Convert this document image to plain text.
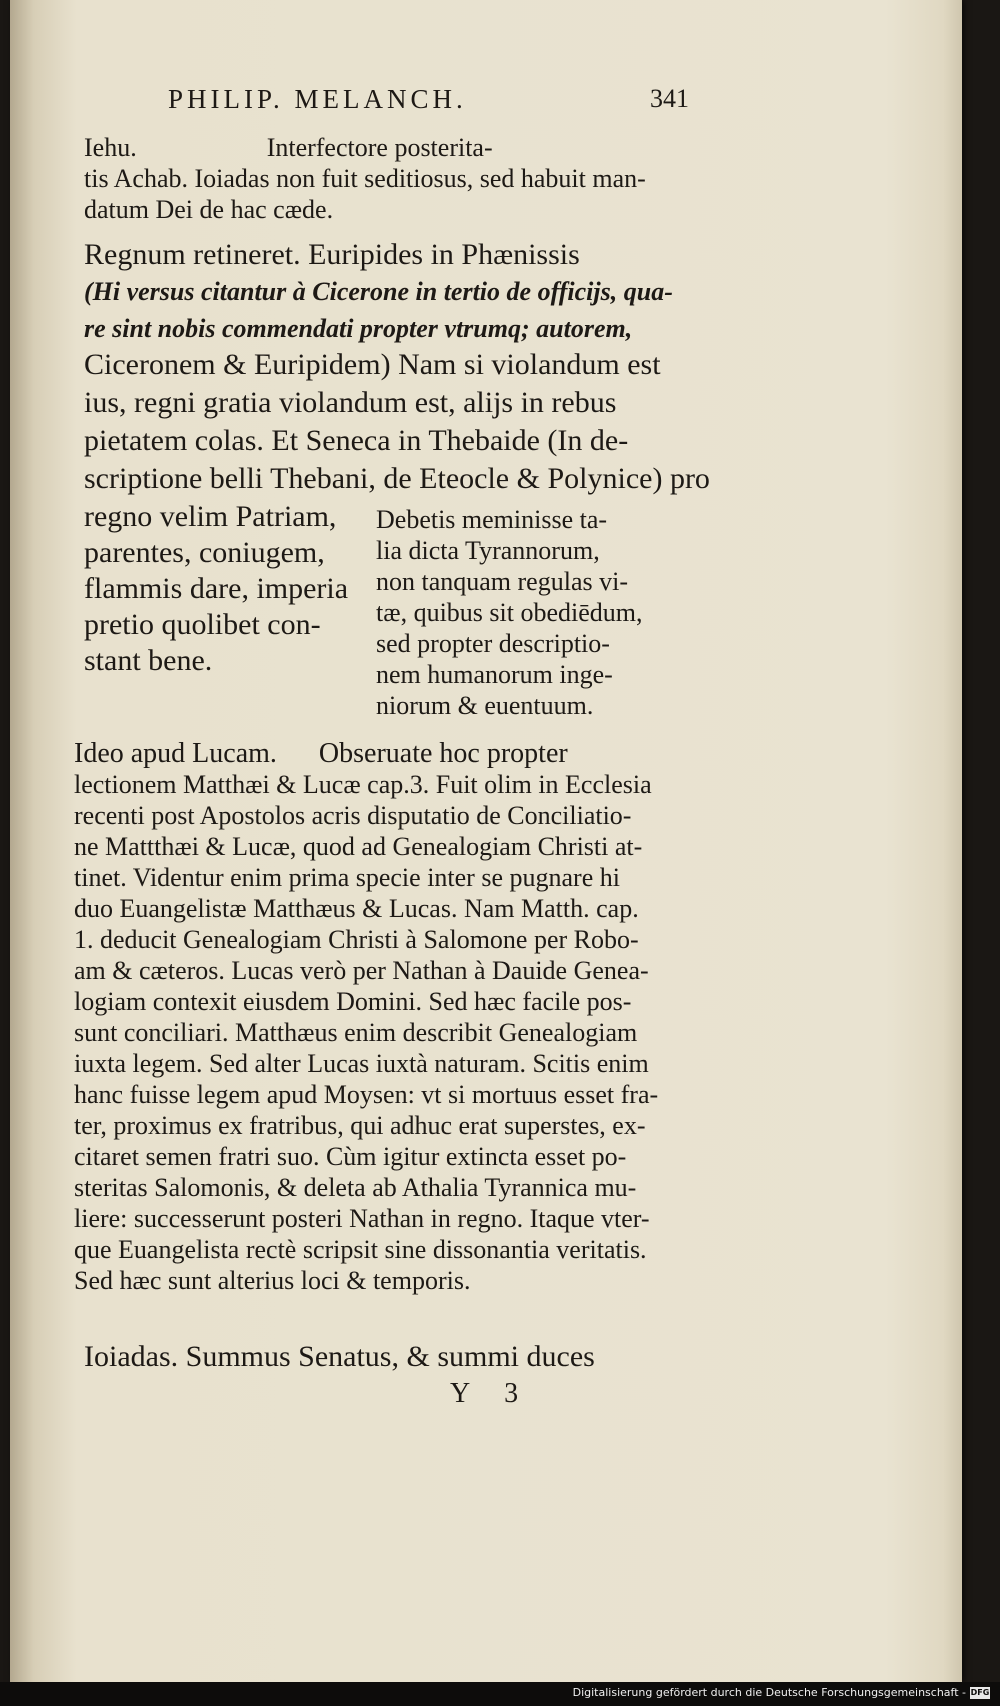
PHILIP. MELANCH.	341
Iehu.                    Interfectore posterita-
tis Achab. Ioiadas non fuit seditiosus, sed habuit man-
datum Dei de hac cæde.
Regnum retineret. Euripides in Phænissis
(Hi versus citantur à Cicerone in tertio de officijs, qua-
re sint nobis commendati propter vtrumq; autorem,
Ciceronem & Euripidem) Nam si violandum est
ius, regni gratia violandum est, alijs in rebus
pietatem colas. Et Seneca in Thebaide (In de-
scriptione belli Thebani, de Eteocle & Polynice) pro
regno velim Patriam,
parentes, coniugem,
flammis dare, imperia
pretio quolibet con-
stant bene.
Debetis meminisse ta-
lia dicta Tyrannorum,
non tanquam regulas vi-
tæ, quibus sit obediēdum,
sed propter descriptio-
nem humanorum inge-
niorum & euentuum.
Ideo apud Lucam.      Obseruate hoc propter
lectionem Matthæi & Lucæ cap.3. Fuit olim in Ecclesia
recenti post Apostolos acris disputatio de Conciliatio-
ne Mattthæi & Lucæ, quod ad Genealogiam Christi at-
tinet. Videntur enim prima specie inter se pugnare hi
duo Euangelistæ Matthæus & Lucas. Nam Matth. cap.
1. deducit Genealogiam Christi à Salomone per Robo-
am & cæteros. Lucas verò per Nathan à Dauide Genea-
logiam contexit eiusdem Domini. Sed hæc facile pos-
sunt conciliari. Matthæus enim describit Genealogiam
iuxta legem. Sed alter Lucas iuxtà naturam. Scitis enim
hanc fuisse legem apud Moysen: vt si mortuus esset fra-
ter, proximus ex fratribus, qui adhuc erat superstes, ex-
citaret semen fratri suo. Cùm igitur extincta esset po-
steritas Salomonis, & deleta ab Athalia Tyrannica mu-
liere: successerunt posteri Nathan in regno. Itaque vter-
que Euangelista rectè scripsit sine dissonantia veritatis.
Sed hæc sunt alterius loci & temporis.
Ioiadas. Summus Senatus, & summi duces
Y 3
Digitalisierung gefördert durch die Deutsche Forschungsgemeinschaft - DFG
